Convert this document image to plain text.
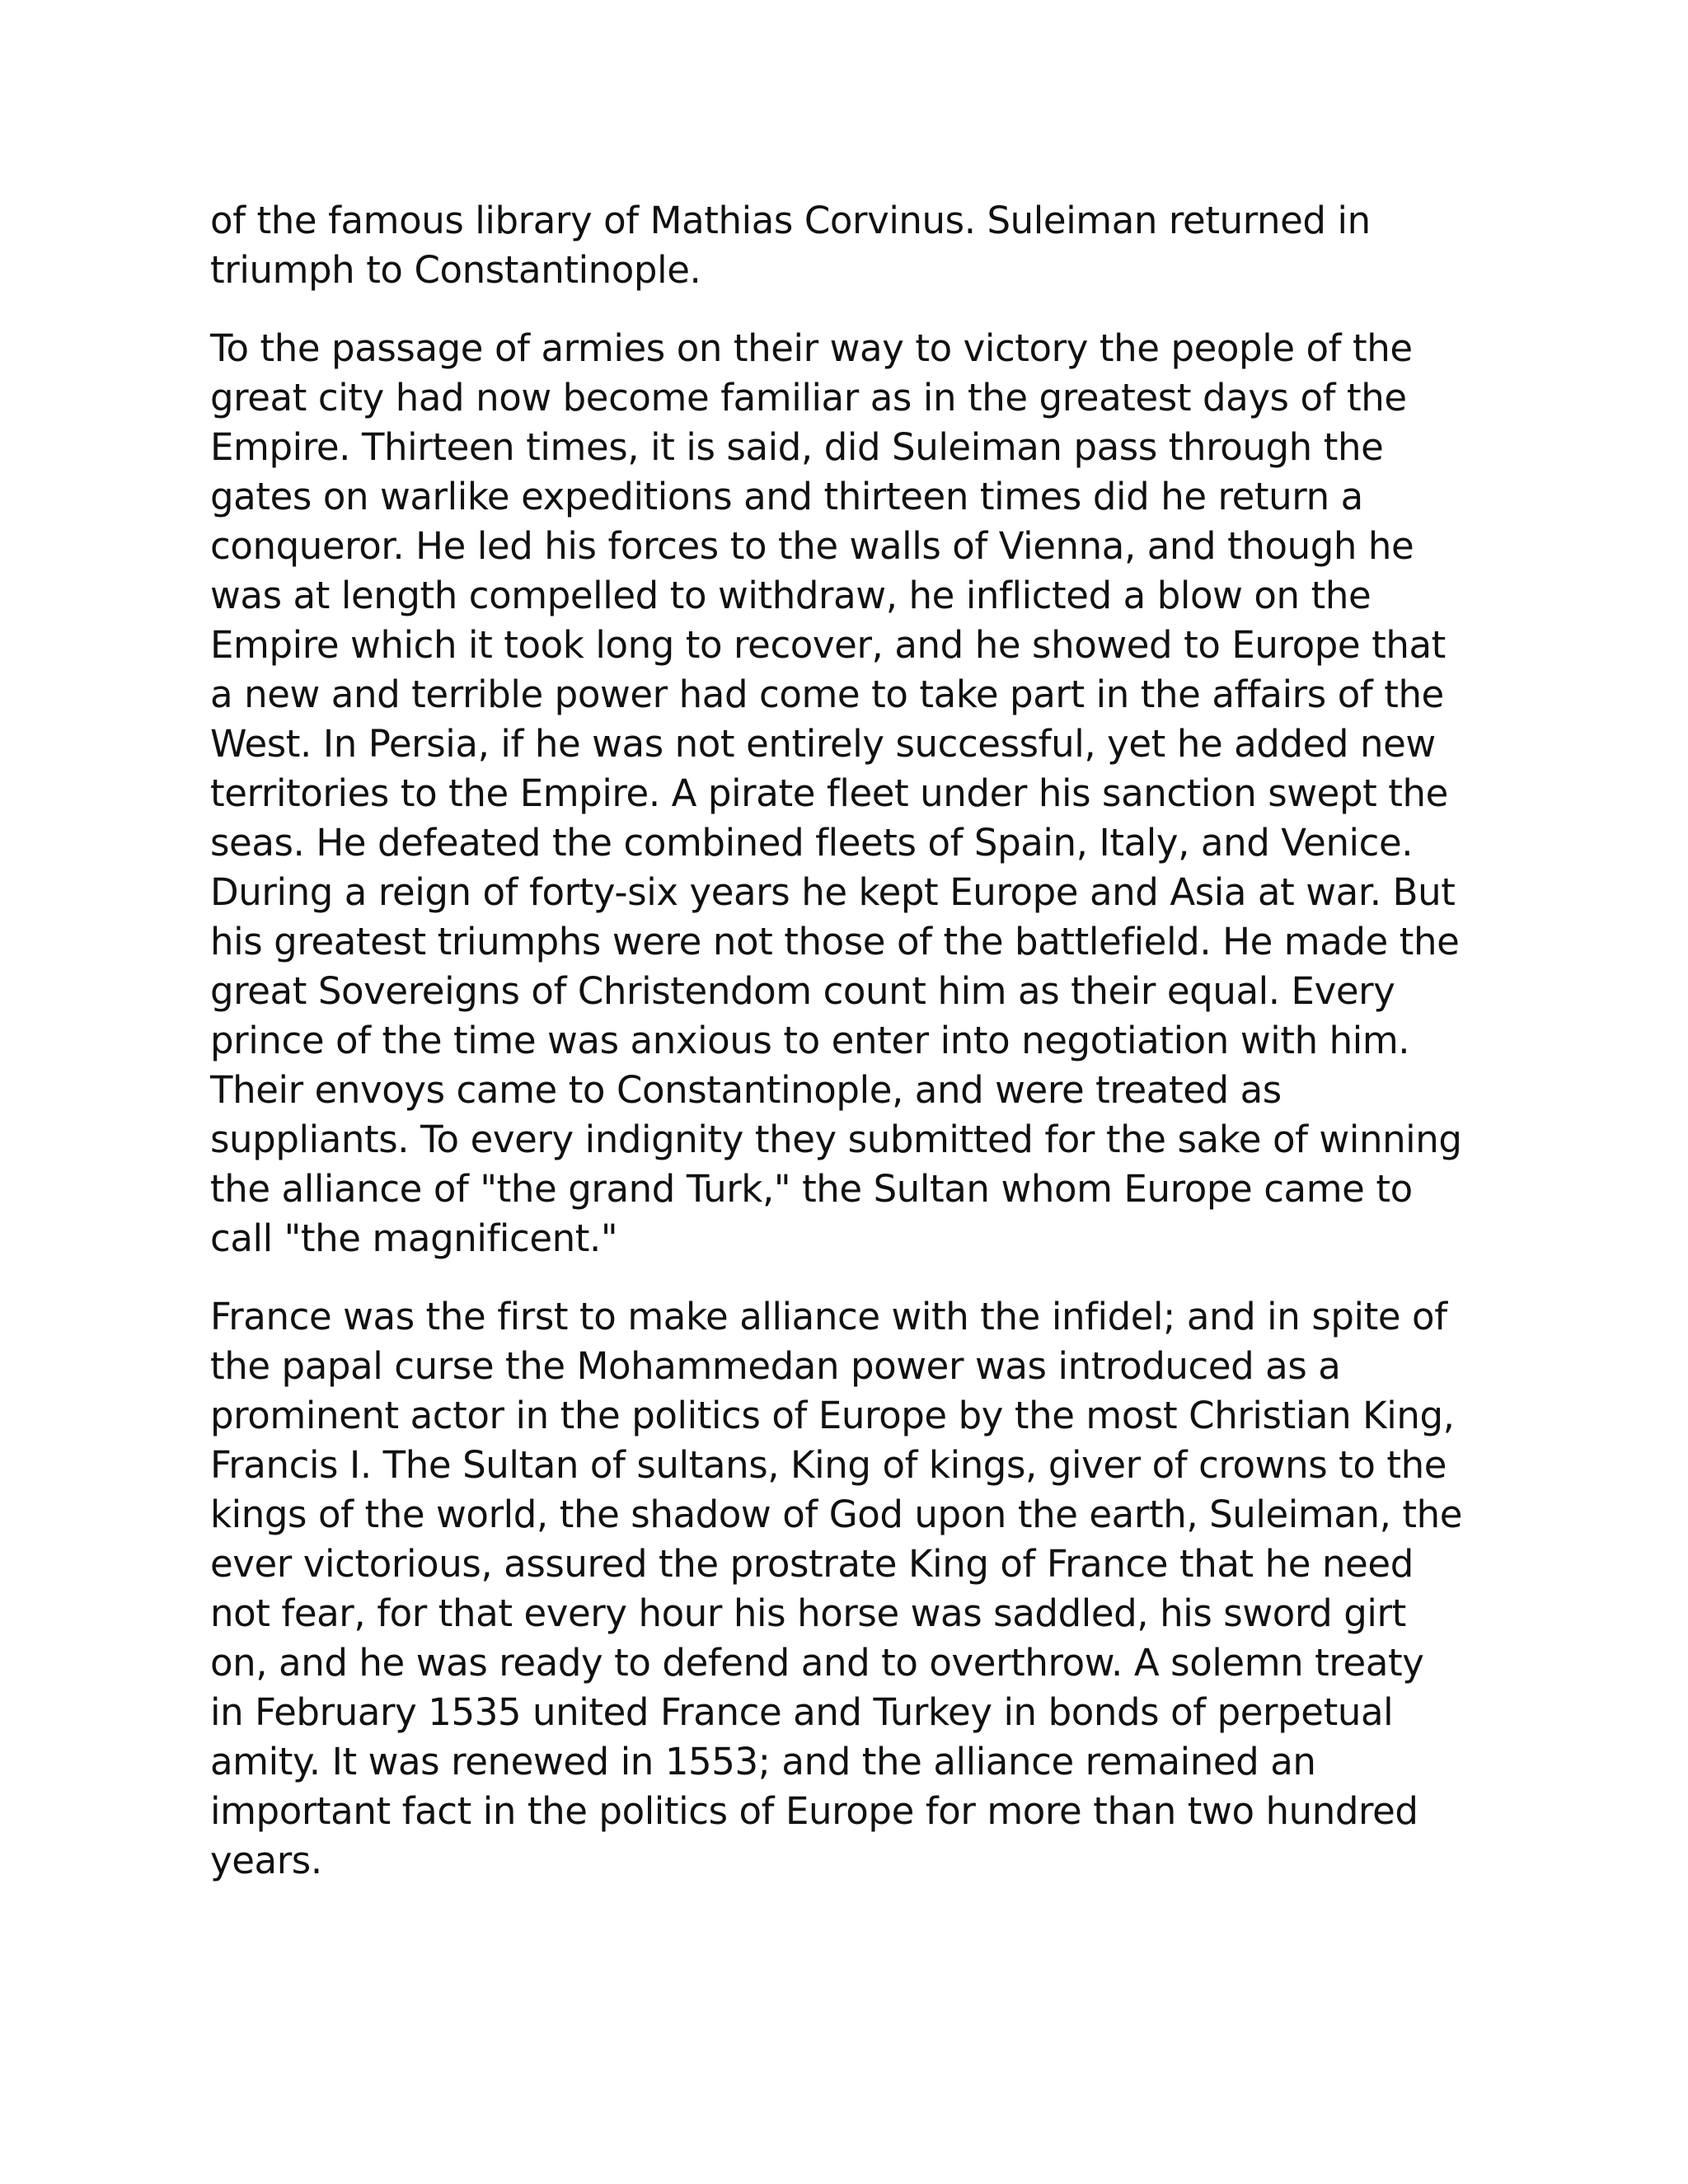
of the famous library of Mathias Corvinus. Suleiman returned in
triumph to Constantinople.

To the passage of armies on their way to victory the people of the
great city had now become familiar as in the greatest days of the
Empire. Thirteen times, it is said, did Suleiman pass through the
gates on warlike expeditions and thirteen times did he return a
conqueror. He led his forces to the walls of Vienna, and though he
was at length compelled to withdraw, he inflicted a blow on the
Empire which it took long to recover, and he showed to Europe that
a new and terrible power had come to take part in the affairs of the
West. In Persia, if he was not entirely successful, yet he added new
territories to the Empire. A pirate fleet under his sanction swept the
seas. He defeated the combined fleets of Spain, Italy, and Venice.
During a reign of forty-six years he kept Europe and Asia at war. But
his greatest triumphs were not those of the battlefield. He made the
great Sovereigns of Christendom count him as their equal. Every
prince of the time was anxious to enter into negotiation with him.
Their envoys came to Constantinople, and were treated as
suppliants. To every indignity they submitted for the sake of winning
the alliance of "the grand Turk," the Sultan whom Europe came to
call "the magnificent."

France was the first to make alliance with the infidel; and in spite of
the papal curse the Mohammedan power was introduced as a
prominent actor in the politics of Europe by the most Christian King,
Francis I. The Sultan of sultans, King of kings, giver of crowns to the
kings of the world, the shadow of God upon the earth, Suleiman, the
ever victorious, assured the prostrate King of France that he need
not fear, for that every hour his horse was saddled, his sword girt
on, and he was ready to defend and to overthrow. A solemn treaty
in February 1535 united France and Turkey in bonds of perpetual
amity. It was renewed in 1553; and the alliance remained an
important fact in the politics of Europe for more than two hundred
years.
